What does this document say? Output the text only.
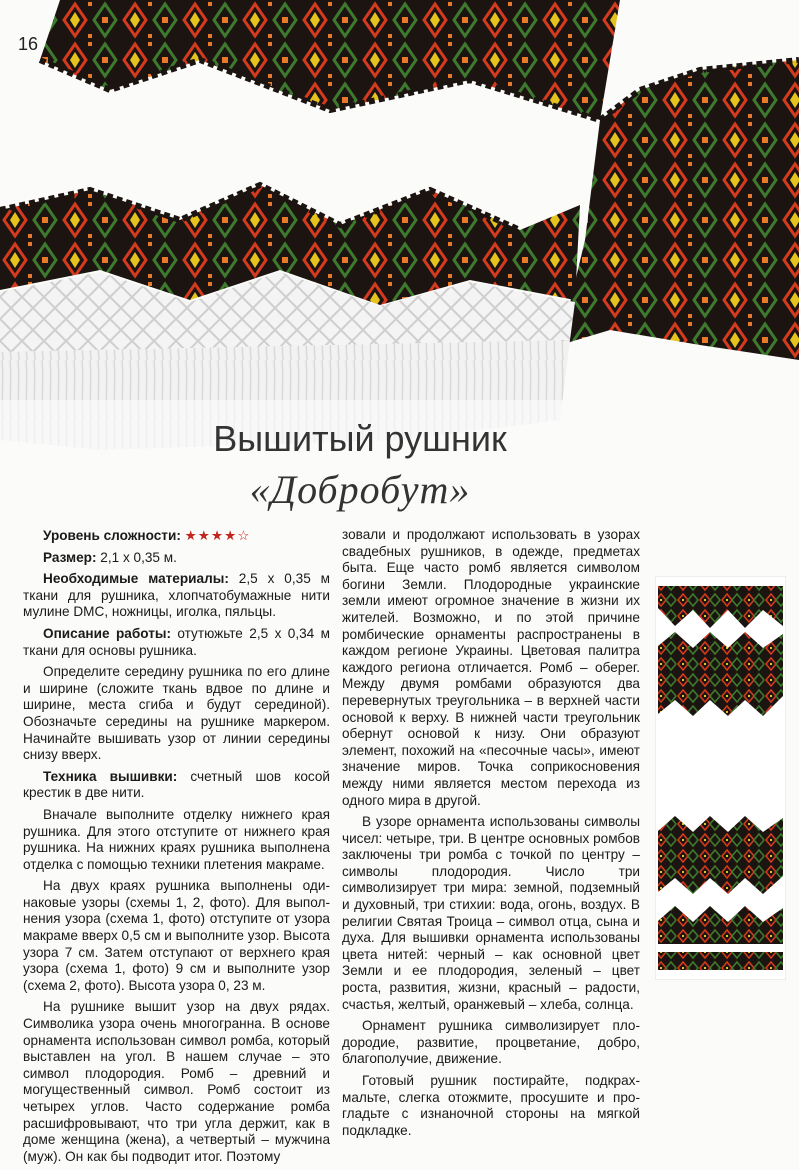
16
Вышитый рушник
«Добробут»

Уровень сложности: ★★★★☆

Размер: 2,1 х 0,35 м.

Необходимые материалы: 2,5 х 0,35 м ткани для рушника, хлопчатобумажные нити мулине DMC, ножницы, иголка, пяльцы.

Описание работы: отутюжьте 2,5 х 0,34 м ткани для основы рушника.

Определите середину рушника по его длине и ширине (сложите ткань вдвое по длине и ширине, места сгиба и будут серединой). Обозначьте середины на рушнике маркером. Начинайте вышивать узор от линии середины снизу вверх.

Техника вышивки: счетный шов косой крестик в две нити.

Вначале выполните отделку нижнего края рушника. Для этого отступите от нижнего края рушника. На нижних краях рушника выполнена отделка с помощью техники плетения макраме.

На двух краях рушника выполнены одинаковые узоры (схемы 1, 2, фото). Для выполнения узора (схема 1, фото) отступите от узора макраме вверх 0,5 см и выполните узор. Высота узора 7 см. Затем отступают от верхнего края узора (схема 1, фото) 9 см и выполните узор (схема 2, фото). Высота узора 0, 23 м.

На рушнике вышит узор на двух рядах. Символика узора очень многогранна. В основе орнамента использован символ ромба, который выставлен на угол. В нашем случае – это символ плодородия. Ромб – древний и могущественный символ. Ромб состоит из четырех углов. Часто содержание ромба расшифровывают, что три угла держит, как в доме женщина (жена), а четвертый – мужчина (муж). Он как бы подводит итог. Поэтому

зовали и продолжают использовать в узорах свадебных рушников, в одежде, предметах быта. Еще часто ромб является символом богини Земли. Плодородные украинские земли имеют огромное значение в жизни их жителей. Возможно, и по этой причине ромбические орнаменты распространены в каждом регионе Украины. Цветовая палитра каждого региона отличается. Ромб – оберег. Между двумя ромбами образуются два перевернутых треугольника – в верхней части основой к верху. В нижней части треугольник обернут основой к низу. Они образуют элемент, похожий на «песочные часы», имеют значение миров. Точка соприкосновения между ними является местом перехода из одного мира в другой.

В узоре орнамента использованы символы чисел: четыре, три. В центре основных ромбов заключены три ромба с точкой по центру – символы плодородия. Число три символизирует три мира: земной, подземный и духовный, три стихии: вода, огонь, воздух. В религии Святая Троица – символ отца, сына и духа. Для вышивки орнамента использованы цвета нитей: черный – как основной цвет Земли и ее плодородия, зеленый – цвет роста, развития, жизни, красный – радости, счастья, желтый, оранжевый – хлеба, солнца.

Орнамент рушника символизирует плодородие, развитие, процветание, добро, благополучие, движение.

Готовый рушник постирайте, подкрахмальте, слегка отожмите, просушите и прогладьте с изнаночной стороны на мягкой подкладке.
